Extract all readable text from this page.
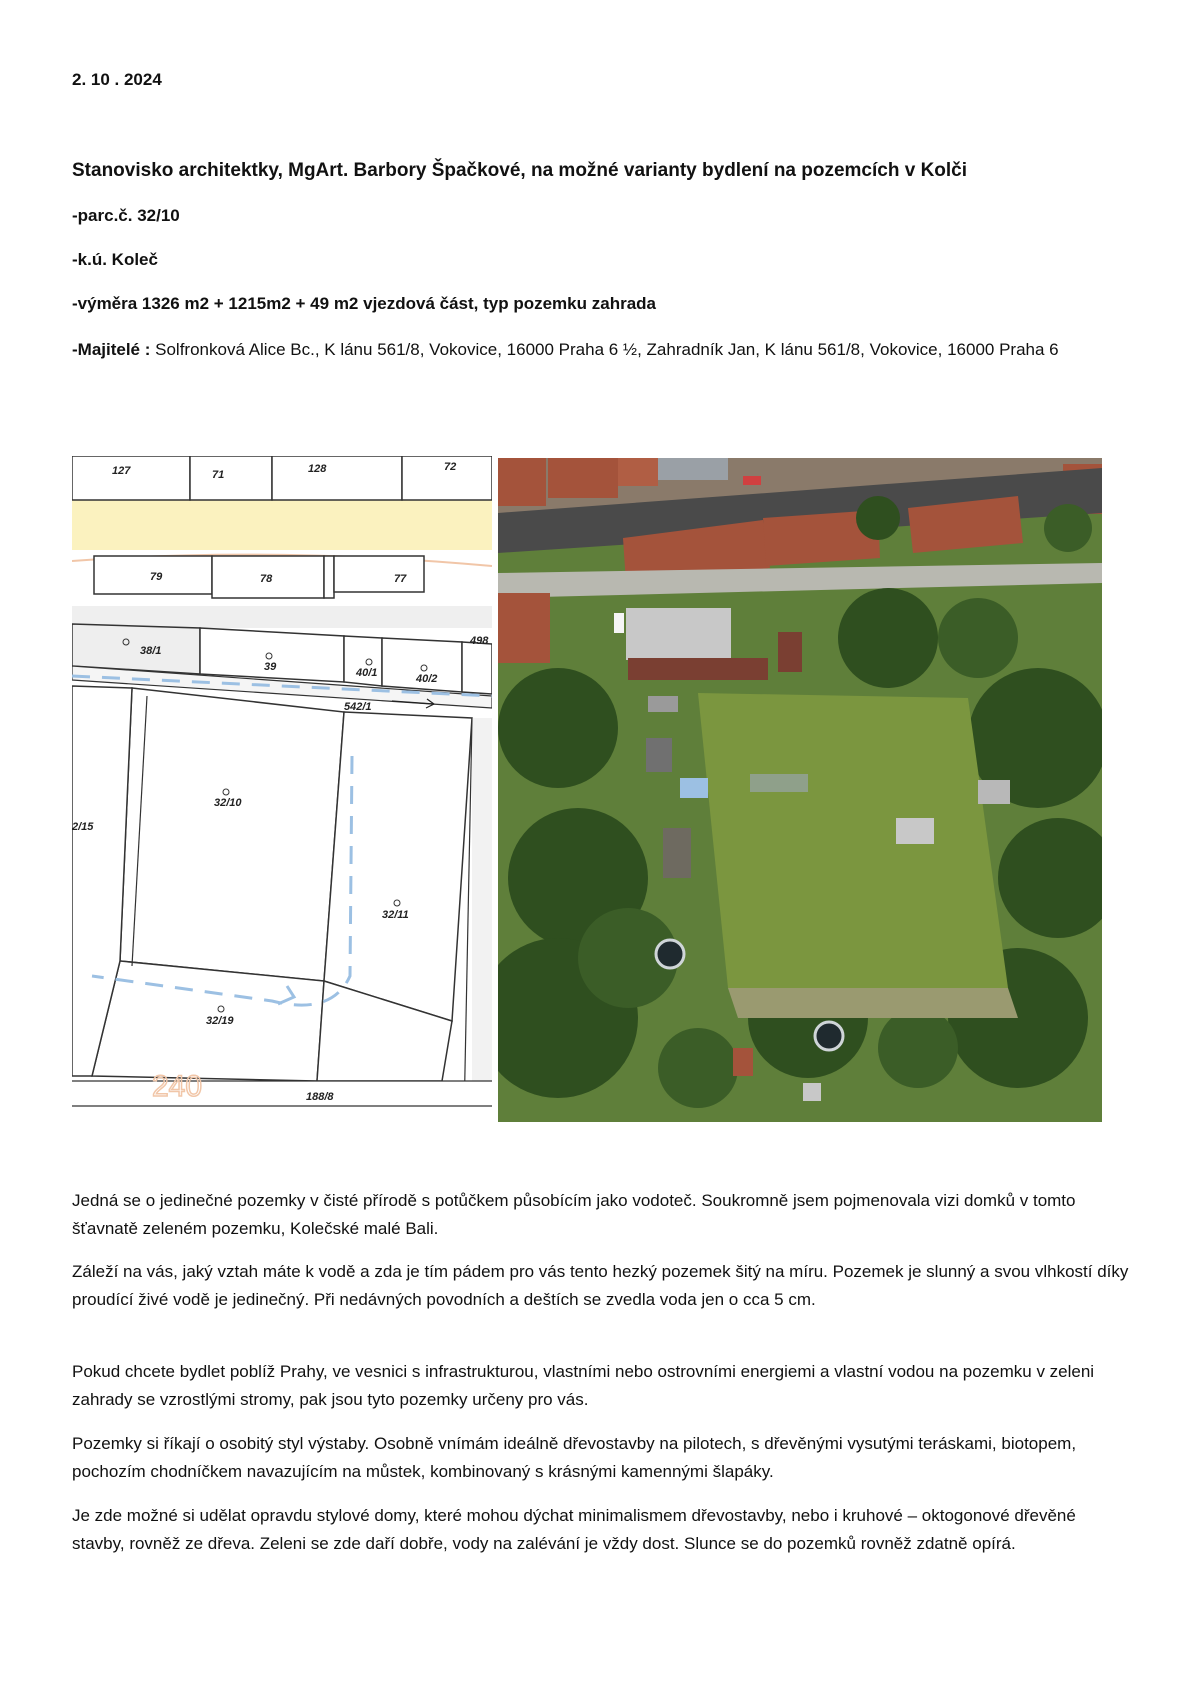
2. 10 . 2024
Stanovisko architektky, MgArt. Barbory Špačkové, na možné varianty bydlení na pozemcích v Kolči
-parc.č. 32/10
-k.ú. Koleč
-výměra 1326 m2 + 1215m2 + 49 m2 vjezdová část, typ pozemku zahrada
-Majitelé : Solfronková Alice Bc., K lánu 561/8, Vokovice, 16000 Praha 6 ½, Zahradník Jan, K lánu 561/8, Vokovice, 16000 Praha 6
127	71	128	72
79	78	77
38/1
39	40/1	40/2
498
542/1
32/10
32/11
32/19
188/8
2/15
240

Jedná se o jedinečné pozemky v čisté přírodě s potůčkem působícím jako vodoteč. Soukromně jsem pojmenovala vizi domků v tomto šťavnatě zeleném pozemku, Kolečské malé Bali.

Záleží na vás, jaký vztah máte k vodě a zda je tím pádem pro vás tento hezký pozemek šitý na míru. Pozemek je slunný a svou vlhkostí díky proudící živé vodě je jedinečný. Při nedávných povodních a deštích se zvedla voda jen o cca 5 cm.

Pokud chcete bydlet poblíž Prahy, ve vesnici s infrastrukturou, vlastními nebo ostrovními energiemi a vlastní vodou na pozemku v zeleni zahrady se vzrostlými stromy, pak jsou tyto pozemky určeny pro vás.

Pozemky si říkají o osobitý styl výstaby. Osobně vnímám ideálně dřevostavby na pilotech, s dřevěnými vysutými teráskami, biotopem, pochozím chodníčkem navazujícím na můstek, kombinovaný s krásnými kamennými šlapáky.

Je zde možné si udělat opravdu stylové domy, které mohou dýchat minimalismem dřevostavby, nebo i kruhové – oktogonové dřevěné stavby, rovněž ze dřeva. Zeleni se zde daří dobře, vody na zalévání je vždy dost. Slunce se do pozemků rovněž zdatně opírá.
